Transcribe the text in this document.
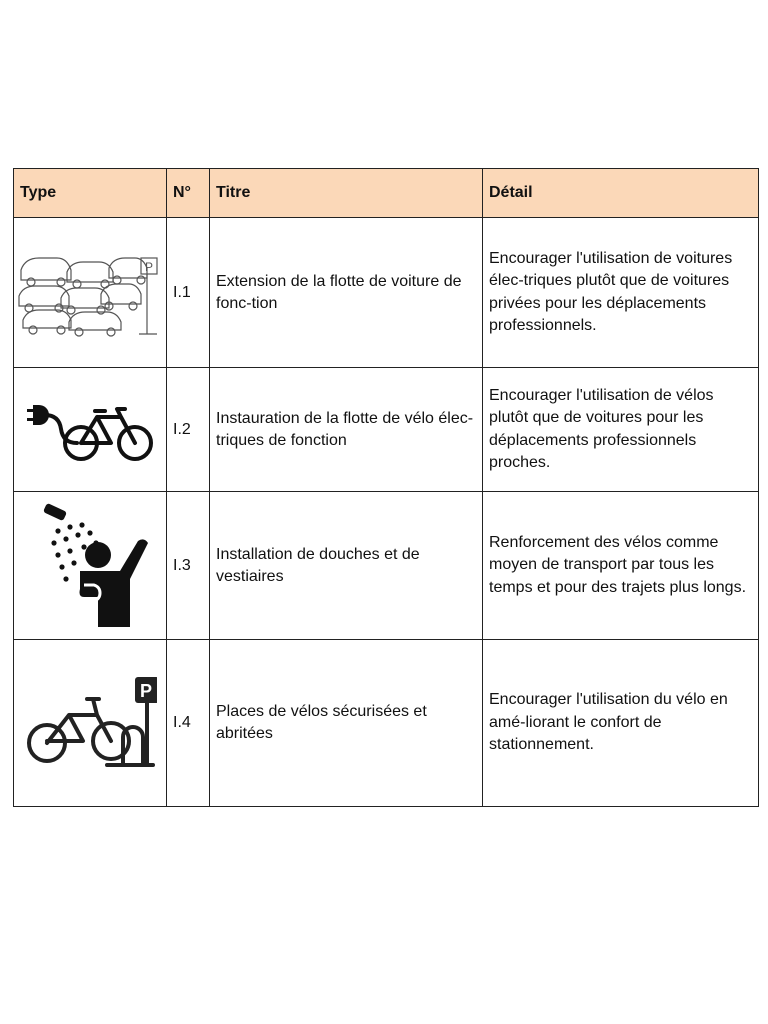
Type	N°	Titre	Détail

P	I.1	Extension de la flotte de voiture de fonc-tion	Encourager l'utilisation de voitures élec-triques plutôt que de voitures privées pour les déplacements professionnels.

	I.2	Instauration de la flotte de vélo élec-triques de fonction	Encourager l'utilisation de vélos plutôt que de voitures pour les déplacements professionnels proches.

	I.3	Installation de douches et de vestiaires	Renforcement des vélos comme moyen de transport par tous les temps et pour des trajets plus longs.

P	I.4	Places de vélos sécurisées et abritées	Encourager l'utilisation du vélo en amé-liorant le confort de stationnement.
